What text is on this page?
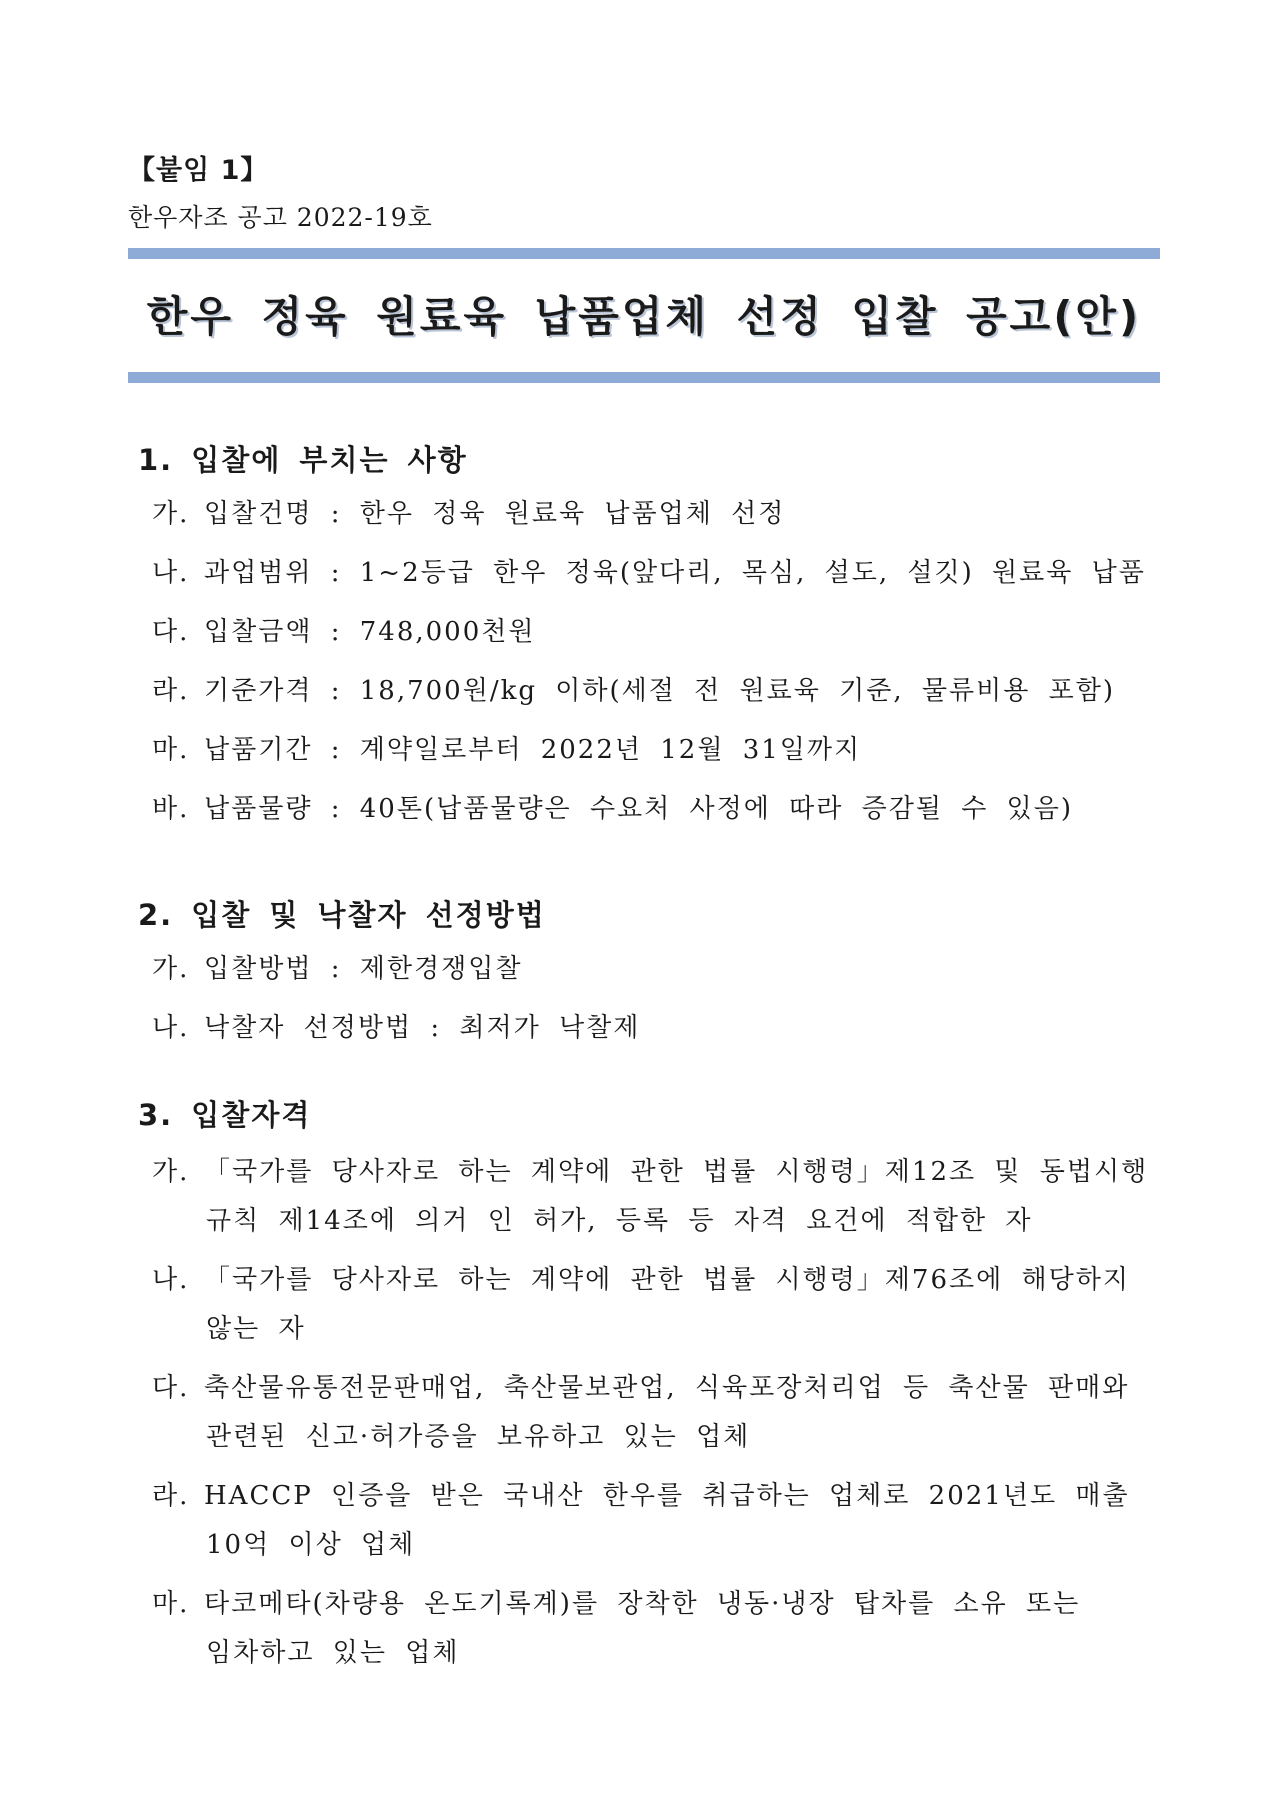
【붙임 1】
한우자조 공고 2022-19호
한우 정육 원료육 납품업체 선정 입찰 공고(안)
1. 입찰에 부치는 사항
가. 입찰건명 : 한우 정육 원료육 납품업체 선정
나. 과업범위 : 1~2등급 한우 정육(앞다리, 목심, 설도, 설깃) 원료육 납품
다. 입찰금액 : 748,000천원
라. 기준가격 : 18,700원/kg 이하(세절 전 원료육 기준, 물류비용 포함)
마. 납품기간 : 계약일로부터 2022년 12월 31일까지
바. 납품물량 : 40톤(납품물량은 수요처 사정에 따라 증감될 수 있음)
2. 입찰 및 낙찰자 선정방법
가. 입찰방법 : 제한경쟁입찰
나. 낙찰자 선정방법 : 최저가 낙찰제
3. 입찰자격
가. 「국가를 당사자로 하는 계약에 관한 법률 시행령」제12조 및 동법시행
규칙 제14조에 의거 인 허가, 등록 등 자격 요건에 적합한 자
나. 「국가를 당사자로 하는 계약에 관한 법률 시행령」제76조에 해당하지
않는 자
다. 축산물유통전문판매업, 축산물보관업, 식육포장처리업 등 축산물 판매와
관련된 신고·허가증을 보유하고 있는 업체
라. HACCP 인증을 받은 국내산 한우를 취급하는 업체로 2021년도 매출
10억 이상 업체
마. 타코메타(차량용 온도기록계)를 장착한 냉동·냉장 탑차를 소유 또는
임차하고 있는 업체
